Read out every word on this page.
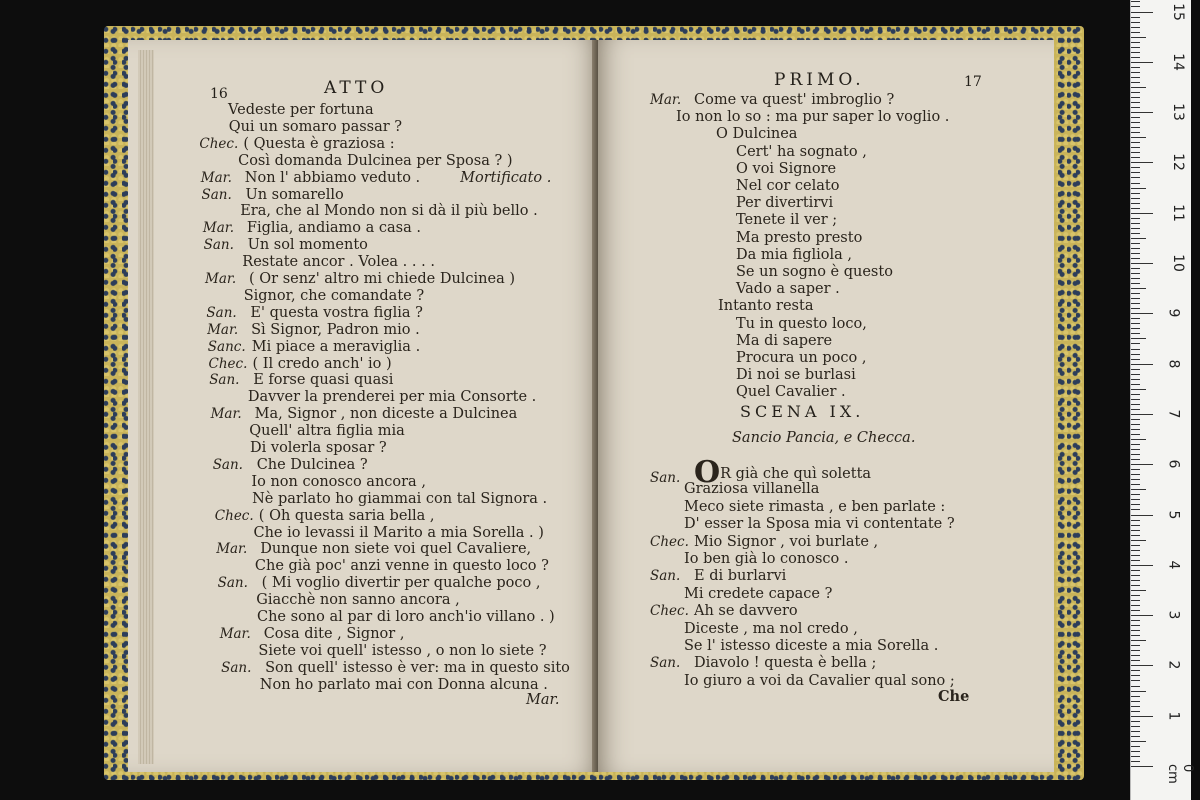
16	ATTO
Vedeste per fortuna
Qui un somaro passar ?
Chec. ( Questa è graziosa :
Così domanda Dulcinea per Sposa ? )
Mar. Non l' abbiamo veduto .	Mortificato .
San. Un somarello
Era, che al Mondo non si dà il più bello .
Mar. Figlia, andiamo a casa .
San. Un sol momento
Restate ancor . Volea . . . .
Mar. ( Or senz' altro mi chiede Dulcinea )
Signor, che comandate ?
San. E' questa vostra figlia ?
Mar. Sì Signor, Padron mio .
Sanc. Mi piace a meraviglia .
Chec. ( Il credo anch' io )
San. E forse quasi quasi
Davver la prenderei per mia Consorte .
Mar. Ma, Signor , non diceste a Dulcinea
Quell' altra figlia mia
Di volerla sposar ?
San. Che Dulcinea ?
Io non conosco ancora ,
Nè parlato ho giammai con tal Signora .
Chec. ( Oh questa saria bella ,
Che io levassi il Marito a mia Sorella . )
Mar. Dunque non siete voi quel Cavaliere,
Che già poc' anzi venne in questo loco ?
San. ( Mi voglio divertir per qualche poco ,
Giacchè non sanno ancora ,
Che sono al par di loro anch'io villano . )
Mar. Cosa dite , Signor ,
Siete voi quell' istesso , o non lo siete ?
San. Son quell' istesso è ver: ma in questo sito
Non ho parlato mai con Donna alcuna .
Mar.
PRIMO.	17
Mar. Come va quest' imbroglio ?
Io non lo so : ma pur saper lo voglio .
O Dulcinea
Cert' ha sognato ,
O voi Signore
Nel cor celato
Per divertirvi
Tenete il ver ;
Ma presto presto
Da mia figliola ,
Se un sogno è questo
Vado a saper .
Intanto resta
Tu in questo loco,
Ma di sapere
Procura un poco ,
Di noi se burlasi
Quel Cavalier .
SCENA IX.
Sancio Pancia, e Checca.
San. OR già che quì soletta
Graziosa villanella
Meco siete rimasta , e ben parlate :
D' esser la Sposa mia vi contentate ?
Chec. Mio Signor , voi burlate ,
Io ben già lo conosco .
San. E di burlarvi
Mi credete capace ?
Chec. Ah se davvero
Diceste , ma nol credo ,
Se l' istesso diceste a mia Sorella .
San. Diavolo ! questa è bella ;
Io giuro a voi da Cavalier qual sono ;
Che
0 cm
1
2
3
4
5
6
7
8
9
10
11
12
13
14
15
